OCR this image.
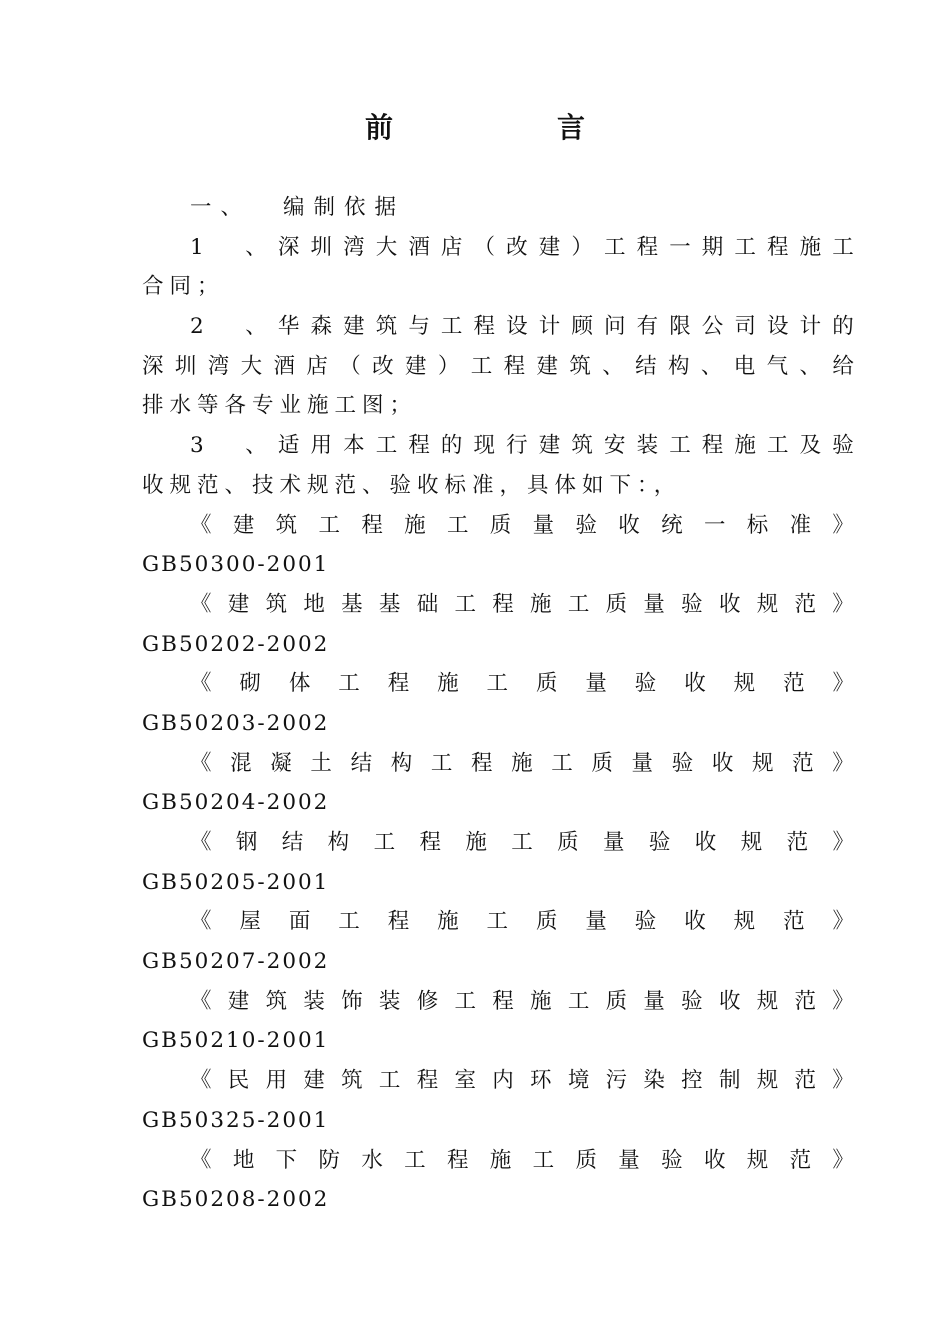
前　言
一、 编制依据
1 　 、 深 圳 湾 大 酒 店 （ 改 建 ） 工 程 一 期 工 程 施 工
合同；
2 　 、 华 森 建 筑 与 工 程 设 计 顾 问 有 限 公 司 设 计 的
深 圳 湾 大 酒 店 （ 改 建 ） 工 程 建 筑 、 结 构 、 电 气 、 给
排水等各专业施工图；
3 　 、 适 用 本 工 程 的 现 行 建 筑 安 装 工 程 施 工 及 验
收规范、技术规范、验收标准，具体如下：，
《 建 筑 工 程 施 工 质 量 验 收 统 一 标 准 》
GB50300-2001
《 建 筑 地 基 基 础 工 程 施 工 质 量 验 收 规 范 》
GB50202-2002
《 砌 体 工 程 施 工 质 量 验 收 规 范 》
GB50203-2002
《 混 凝 土 结 构 工 程 施 工 质 量 验 收 规 范 》
GB50204-2002
《 钢 结 构 工 程 施 工 质 量 验 收 规 范 》
GB50205-2001
《 屋 面 工 程 施 工 质 量 验 收 规 范 》
GB50207-2002
《 建 筑 装 饰 装 修 工 程 施 工 质 量 验 收 规 范 》
GB50210-2001
《 民 用 建 筑 工 程 室 内 环 境 污 染 控 制 规 范 》
GB50325-2001
《 地 下 防 水 工 程 施 工 质 量 验 收 规 范 》
GB50208-2002
